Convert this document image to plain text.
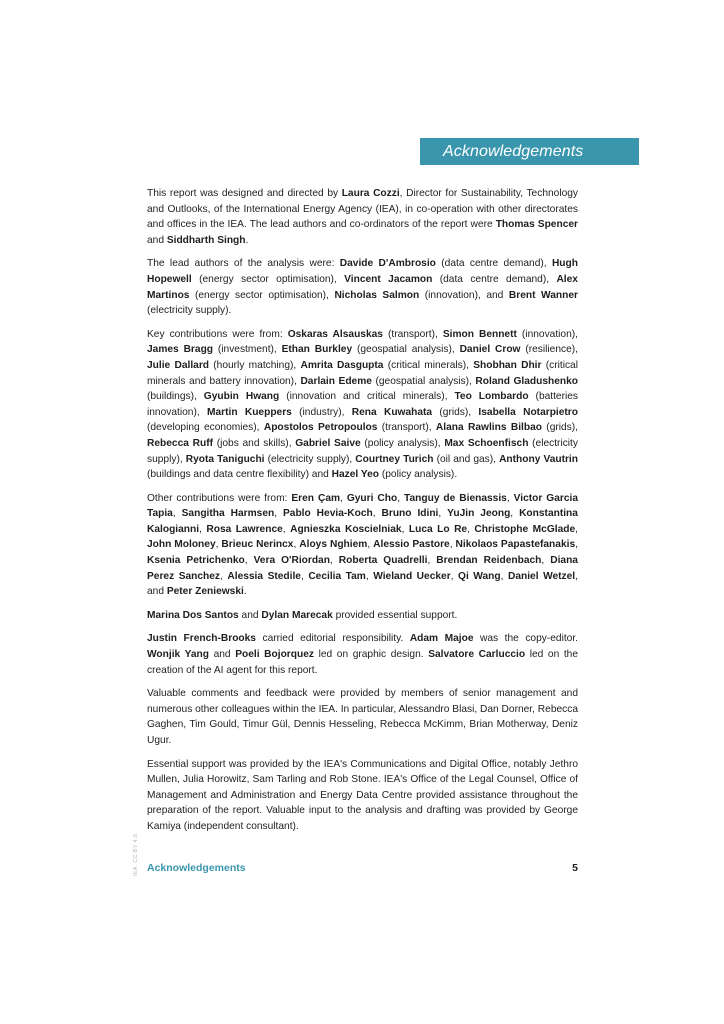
Acknowledgements

This report was designed and directed by Laura Cozzi, Director for Sustainability, Technology and Outlooks, of the International Energy Agency (IEA), in co-operation with other directorates and offices in the IEA. The lead authors and co-ordinators of the report were Thomas Spencer and Siddharth Singh.

The lead authors of the analysis were: Davide D'Ambrosio (data centre demand), Hugh Hopewell (energy sector optimisation), Vincent Jacamon (data centre demand), Alex Martinos (energy sector optimisation), Nicholas Salmon (innovation), and Brent Wanner (electricity supply).

Key contributions were from: Oskaras Alsauskas (transport), Simon Bennett (innovation), James Bragg (investment), Ethan Burkley (geospatial analysis), Daniel Crow (resilience), Julie Dallard (hourly matching), Amrita Dasgupta (critical minerals), Shobhan Dhir (critical minerals and battery innovation), Darlain Edeme (geospatial analysis), Roland Gladushenko (buildings), Gyubin Hwang (innovation and critical minerals), Teo Lombardo (batteries innovation), Martin Kueppers (industry), Rena Kuwahata (grids), Isabella Notarpietro (developing economies), Apostolos Petropoulos (transport), Alana Rawlins Bilbao (grids), Rebecca Ruff (jobs and skills), Gabriel Saive (policy analysis), Max Schoenfisch (electricity supply), Ryota Taniguchi (electricity supply), Courtney Turich (oil and gas), Anthony Vautrin (buildings and data centre flexibility) and Hazel Yeo (policy analysis).

Other contributions were from: Eren Çam, Gyuri Cho, Tanguy de Bienassis, Victor Garcia Tapia, Sangitha Harmsen, Pablo Hevia-Koch, Bruno Idini, YuJin Jeong, Konstantina Kalogianni, Rosa Lawrence, Agnieszka Koscielniak, Luca Lo Re, Christophe McGlade, John Moloney, Brieuc Nerincx, Aloys Nghiem, Alessio Pastore, Nikolaos Papastefanakis, Ksenia Petrichenko, Vera O'Riordan, Roberta Quadrelli, Brendan Reidenbach, Diana Perez Sanchez, Alessia Stedile, Cecilia Tam, Wieland Uecker, Qi Wang, Daniel Wetzel, and Peter Zeniewski.

Marina Dos Santos and Dylan Marecak provided essential support.

Justin French-Brooks carried editorial responsibility. Adam Majoe was the copy-editor. Wonjik Yang and Poeli Bojorquez led on graphic design. Salvatore Carluccio led on the creation of the AI agent for this report.

Valuable comments and feedback were provided by members of senior management and numerous other colleagues within the IEA. In particular, Alessandro Blasi, Dan Dorner, Rebecca Gaghen, Tim Gould, Timur Gül, Dennis Hesseling, Rebecca McKimm, Brian Motherway, Deniz Ugur.

Essential support was provided by the IEA's Communications and Digital Office, notably Jethro Mullen, Julia Horowitz, Sam Tarling and Rob Stone. IEA's Office of the Legal Counsel, Office of Management and Administration and Energy Data Centre provided assistance throughout the preparation of the report. Valuable input to the analysis and drafting was provided by George Kamiya (independent consultant).

Acknowledgements	5
IEA. CC BY 4.0.
